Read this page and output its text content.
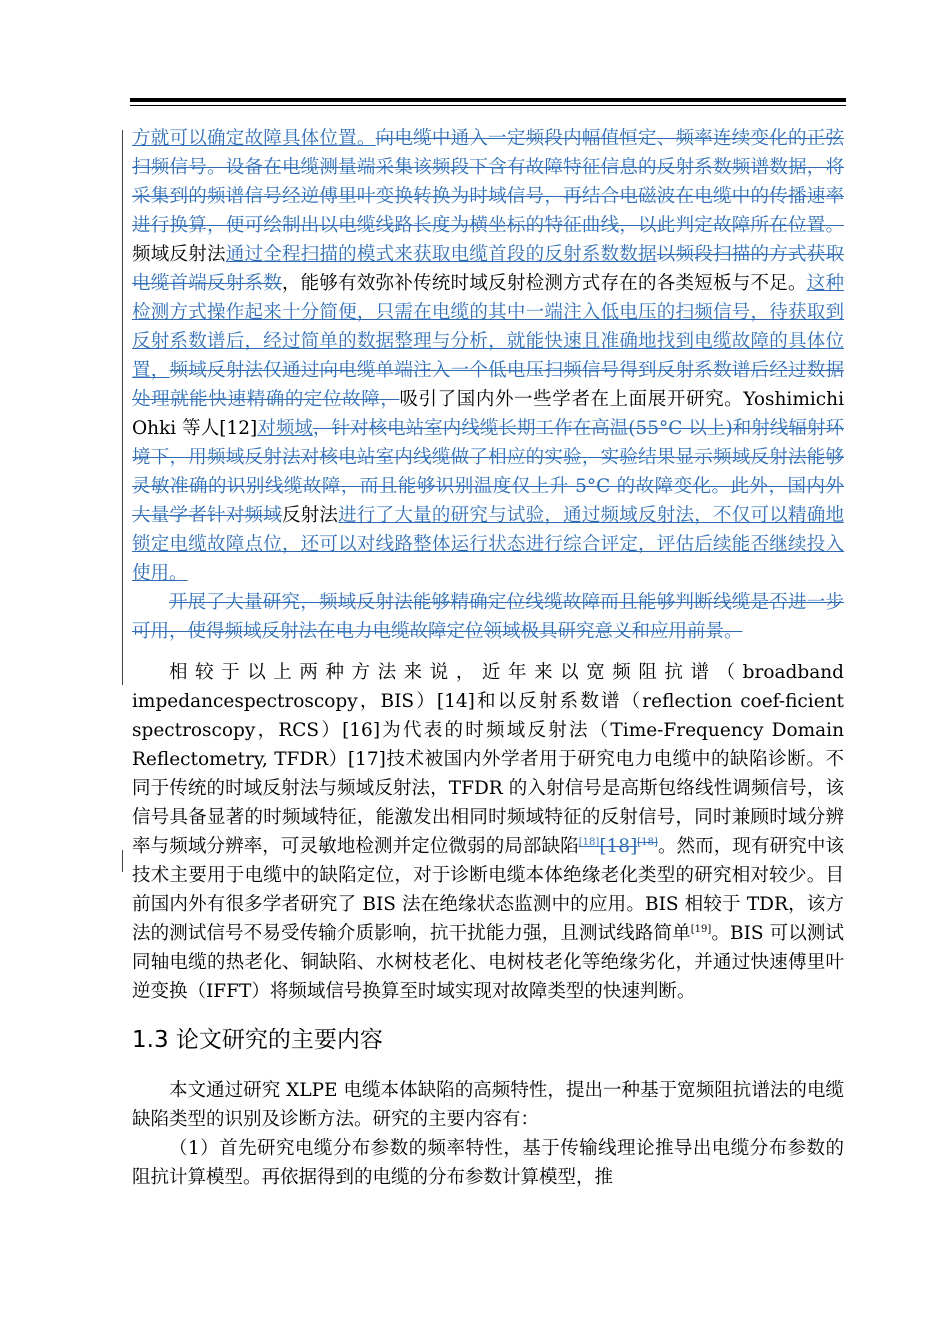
方就可以确定故障具体位置。向电缆中通入一定频段内幅值恒定、频率连续变化的正弦扫频信号。设备在电缆测量端采集该频段下含有故障特征信息的反射系数频谱数据，将采集到的频谱信号经逆傅里叶变换转换为时域信号，再结合电磁波在电缆中的传播速率进行换算，便可绘制出以电缆线路长度为横坐标的特征曲线，以此判定故障所在位置。频域反射法通过全程扫描的模式来获取电缆首段的反射系数数据以频段扫描的方式获取电缆首端反射系数，能够有效弥补传统时域反射检测方式存在的各类短板与不足。这种检测方式操作起来十分简便，只需在电缆的其中一端注入低电压的扫频信号，待获取到反射系数谱后，经过简单的数据整理与分析，就能快速且准确地找到电缆故障的具体位置，频域反射法仅通过向电缆单端注入一个低电压扫频信号得到反射系数谱后经过数据处理就能快速精确的定位故障，吸引了国内外一些学者在上面展开研究。Yoshimichi Ohki 等人[12]对频域，针对核电站室内线缆长期工作在高温(55°C 以上)和射线辐射环境下，用频域反射法对核电站室内线缆做了相应的实验，实验结果显示频域反射法能够灵敏准确的识别线缆故障，而且能够识别温度仅上升 5°C 的故障变化。此外，国内外大量学者针对频域反射法进行了大量的研究与试验，通过频域反射法，不仅可以精确地锁定电缆故障点位，还可以对线路整体运行状态进行综合评定，评估后续能否继续投入使用。

开展了大量研究，频域反射法能够精确定位线缆故障而且能够判断线缆是否进一步可用，使得频域反射法在电力电缆故障定位领域极具研究意义和应用前景。

相较于以上两种方法来说，近年来以宽频阻抗谱（broadband impedancespectroscopy，BIS）[14]和以反射系数谱（reflection coef-ficient spectroscopy，RCS）[16]为代表的时频域反射法（Time-Frequency Domain Reflectometry, TFDR）[17]技术被国内外学者用于研究电力电缆中的缺陷诊断。不同于传统的时域反射法与频域反射法，TFDR 的入射信号是高斯包络线性调频信号，该信号具备显著的时频域特征，能激发出相同时频域特征的反射信号，同时兼顾时域分辨率与频域分辨率，可灵敏地检测并定位微弱的局部缺陷[18][18][18]。然而，现有研究中该技术主要用于电缆中的缺陷定位，对于诊断电缆本体绝缘老化类型的研究相对较少。目前国内外有很多学者研究了 BIS 法在绝缘状态监测中的应用。BIS 相较于 TDR，该方法的测试信号不易受传输介质影响，抗干扰能力强，且测试线路简单[19]。BIS 可以测试同轴电缆的热老化、铜缺陷、水树枝老化、电树枝老化等绝缘劣化，并通过快速傅里叶逆变换（IFFT）将频域信号换算至时域实现对故障类型的快速判断。

1.3 论文研究的主要内容

本文通过研究 XLPE 电缆本体缺陷的高频特性，提出一种基于宽频阻抗谱法的电缆缺陷类型的识别及诊断方法。研究的主要内容有：

（1）首先研究电缆分布参数的频率特性，基于传输线理论推导出电缆分布参数的阻抗计算模型。再依据得到的电缆的分布参数计算模型，推
